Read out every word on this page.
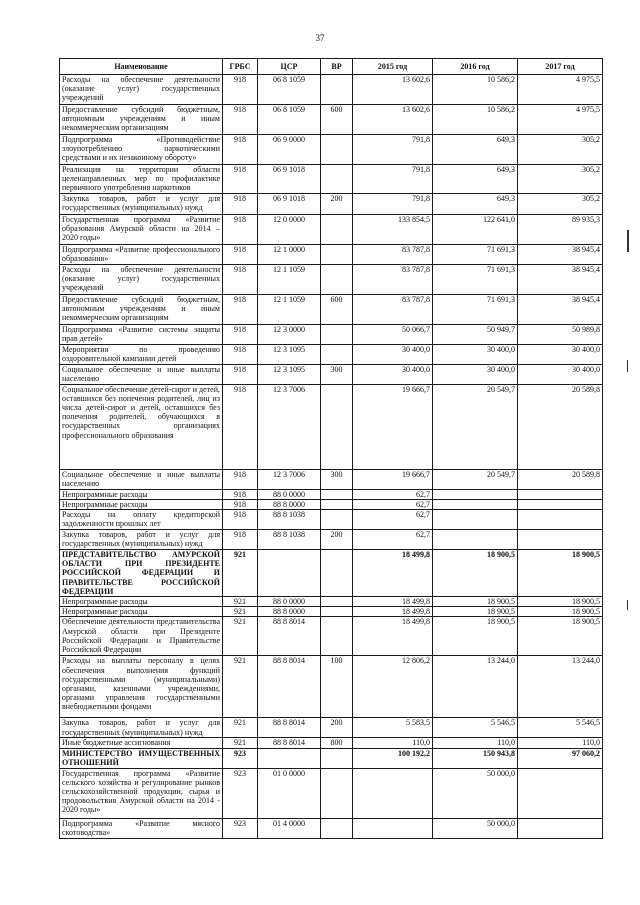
37
Наименование	ГРБС	ЦСР	ВР	2015 год	2016 год	2017 год
Расходы на обеспечение деятельности (оказание услуг) государственных учреждений	918	06 8 1059		13 602,6	10 586,2	4 975,5
Предоставление субсидий бюджетным, автономным учреждениям и иным некоммерческим организациям	918	06 8 1059	600	13 602,6	10 586,2	4 975,5
Подпрограмма «Противодействие злоупотреблению наркотическими средствами и их незаконному обороту»	918	06 9 0000		791,8	649,3	305,2
Реализация на территории области целенаправленных мер по профилактике первичного употребления наркотиков	918	06 9 1018		791,8	649,3	305,2
Закупка товаров, работ и услуг для государственных (муниципальных) нужд	918	06 9 1018	200	791,8	649,3	305,2
Государственная программа «Развитие образования Амурской области на 2014 – 2020 годы»	918	12 0 0000		133 854,5	122 641,0	89 935,3
Подпрограмма «Развитие профессионального образования»	918	12 1 0000		83 787,8	71 691,3	38 945,4
Расходы на обеспечение деятельности (оказание услуг) государственных учреждений	918	12 1 1059		83 787,8	71 691,3	38 945,4
Предоставление субсидий бюджетным, автономным учреждениям и иным некоммерческим организациям	918	12 1 1059	600	83 787,8	71 691,3	38 945,4
Подпрограмма «Развитие системы защиты прав детей»	918	12 3 0000		50 066,7	50 949,7	50 989,8
Мероприятия по проведению оздоровительной кампании детей	918	12 3 1095		30 400,0	30 400,0	30 400,0
Социальное обеспечение и иные выплаты населению	918	12 3 1095	300	30 400,0	30 400,0	30 400,0
Социальное обеспечение детей-сирот и детей, оставшихся без попечения родителей, лиц из числа детей-сирот и детей, оставшихся без попечения родителей, обучающихся в государственных организациях профессионального образования	918	12 3 7006		19 666,7	20 549,7	20 589,8
Социальное обеспечение и иные выплаты населению	918	12 3 7006	300	19 666,7	20 549,7	20 589,8
Непрограммные расходы	918	88 0 0000		62,7		
Непрограммные расходы	918	88 8 0000		62,7		
Расходы на оплату кредиторской задолженности прошлых лет	918	88 8 1038		62,7		
Закупка товаров, работ и услуг для государственных (муниципальных) нужд	918	88 8 1038	200	62,7		
ПРЕДСТАВИТЕЛЬСТВО АМУРСКОЙ ОБЛАСТИ ПРИ ПРЕЗИДЕНТЕ РОССИЙСКОЙ ФЕДЕРАЦИИ И ПРАВИТЕЛЬСТВЕ РОССИЙСКОЙ ФЕДЕРАЦИИ	921			18 499,8	18 900,5	18 900,5
Непрограммные расходы	921	88 0 0000		18 499,8	18 900,5	18 900,5
Непрограммные расходы	921	88 8 0000		18 499,8	18 900,5	18 900,5
Обеспечение деятельности представительства Амурской области при Президенте Российской Федерации и Правительстве Российской Федерации	921	88 8 8014		18 499,8	18 900,5	18 900,5
Расходы на выплаты персоналу в целях обеспечения выполнения функций государственными (муниципальными) органами, казенными учреждениями, органами управления государственными внебюджетными фондами	921	88 8 8014	100	12 806,2	13 244,0	13 244,0
Закупка товаров, работ и услуг для государственных (муниципальных) нужд	921	88 8 8014	200	5 583,5	5 546,5	5 546,5
Иные бюджетные ассигнования	921	88 8 8014	800	110,0	110,0	110,0
МИНИСТЕРСТВО ИМУЩЕСТВЕННЫХ ОТНОШЕНИЙ	923			100 192,2	150 943,8	97 060,2
Государственная программа «Развитие сельского хозяйства и регулирование рынков сельскохозяйственной продукции, сырья и продовольствия Амурской области на 2014 - 2020 годы»	923	01 0 0000			50 000,0	
Подпрограмма «Развитие мясного скотоводства»	923	01 4 0000			50 000,0	
